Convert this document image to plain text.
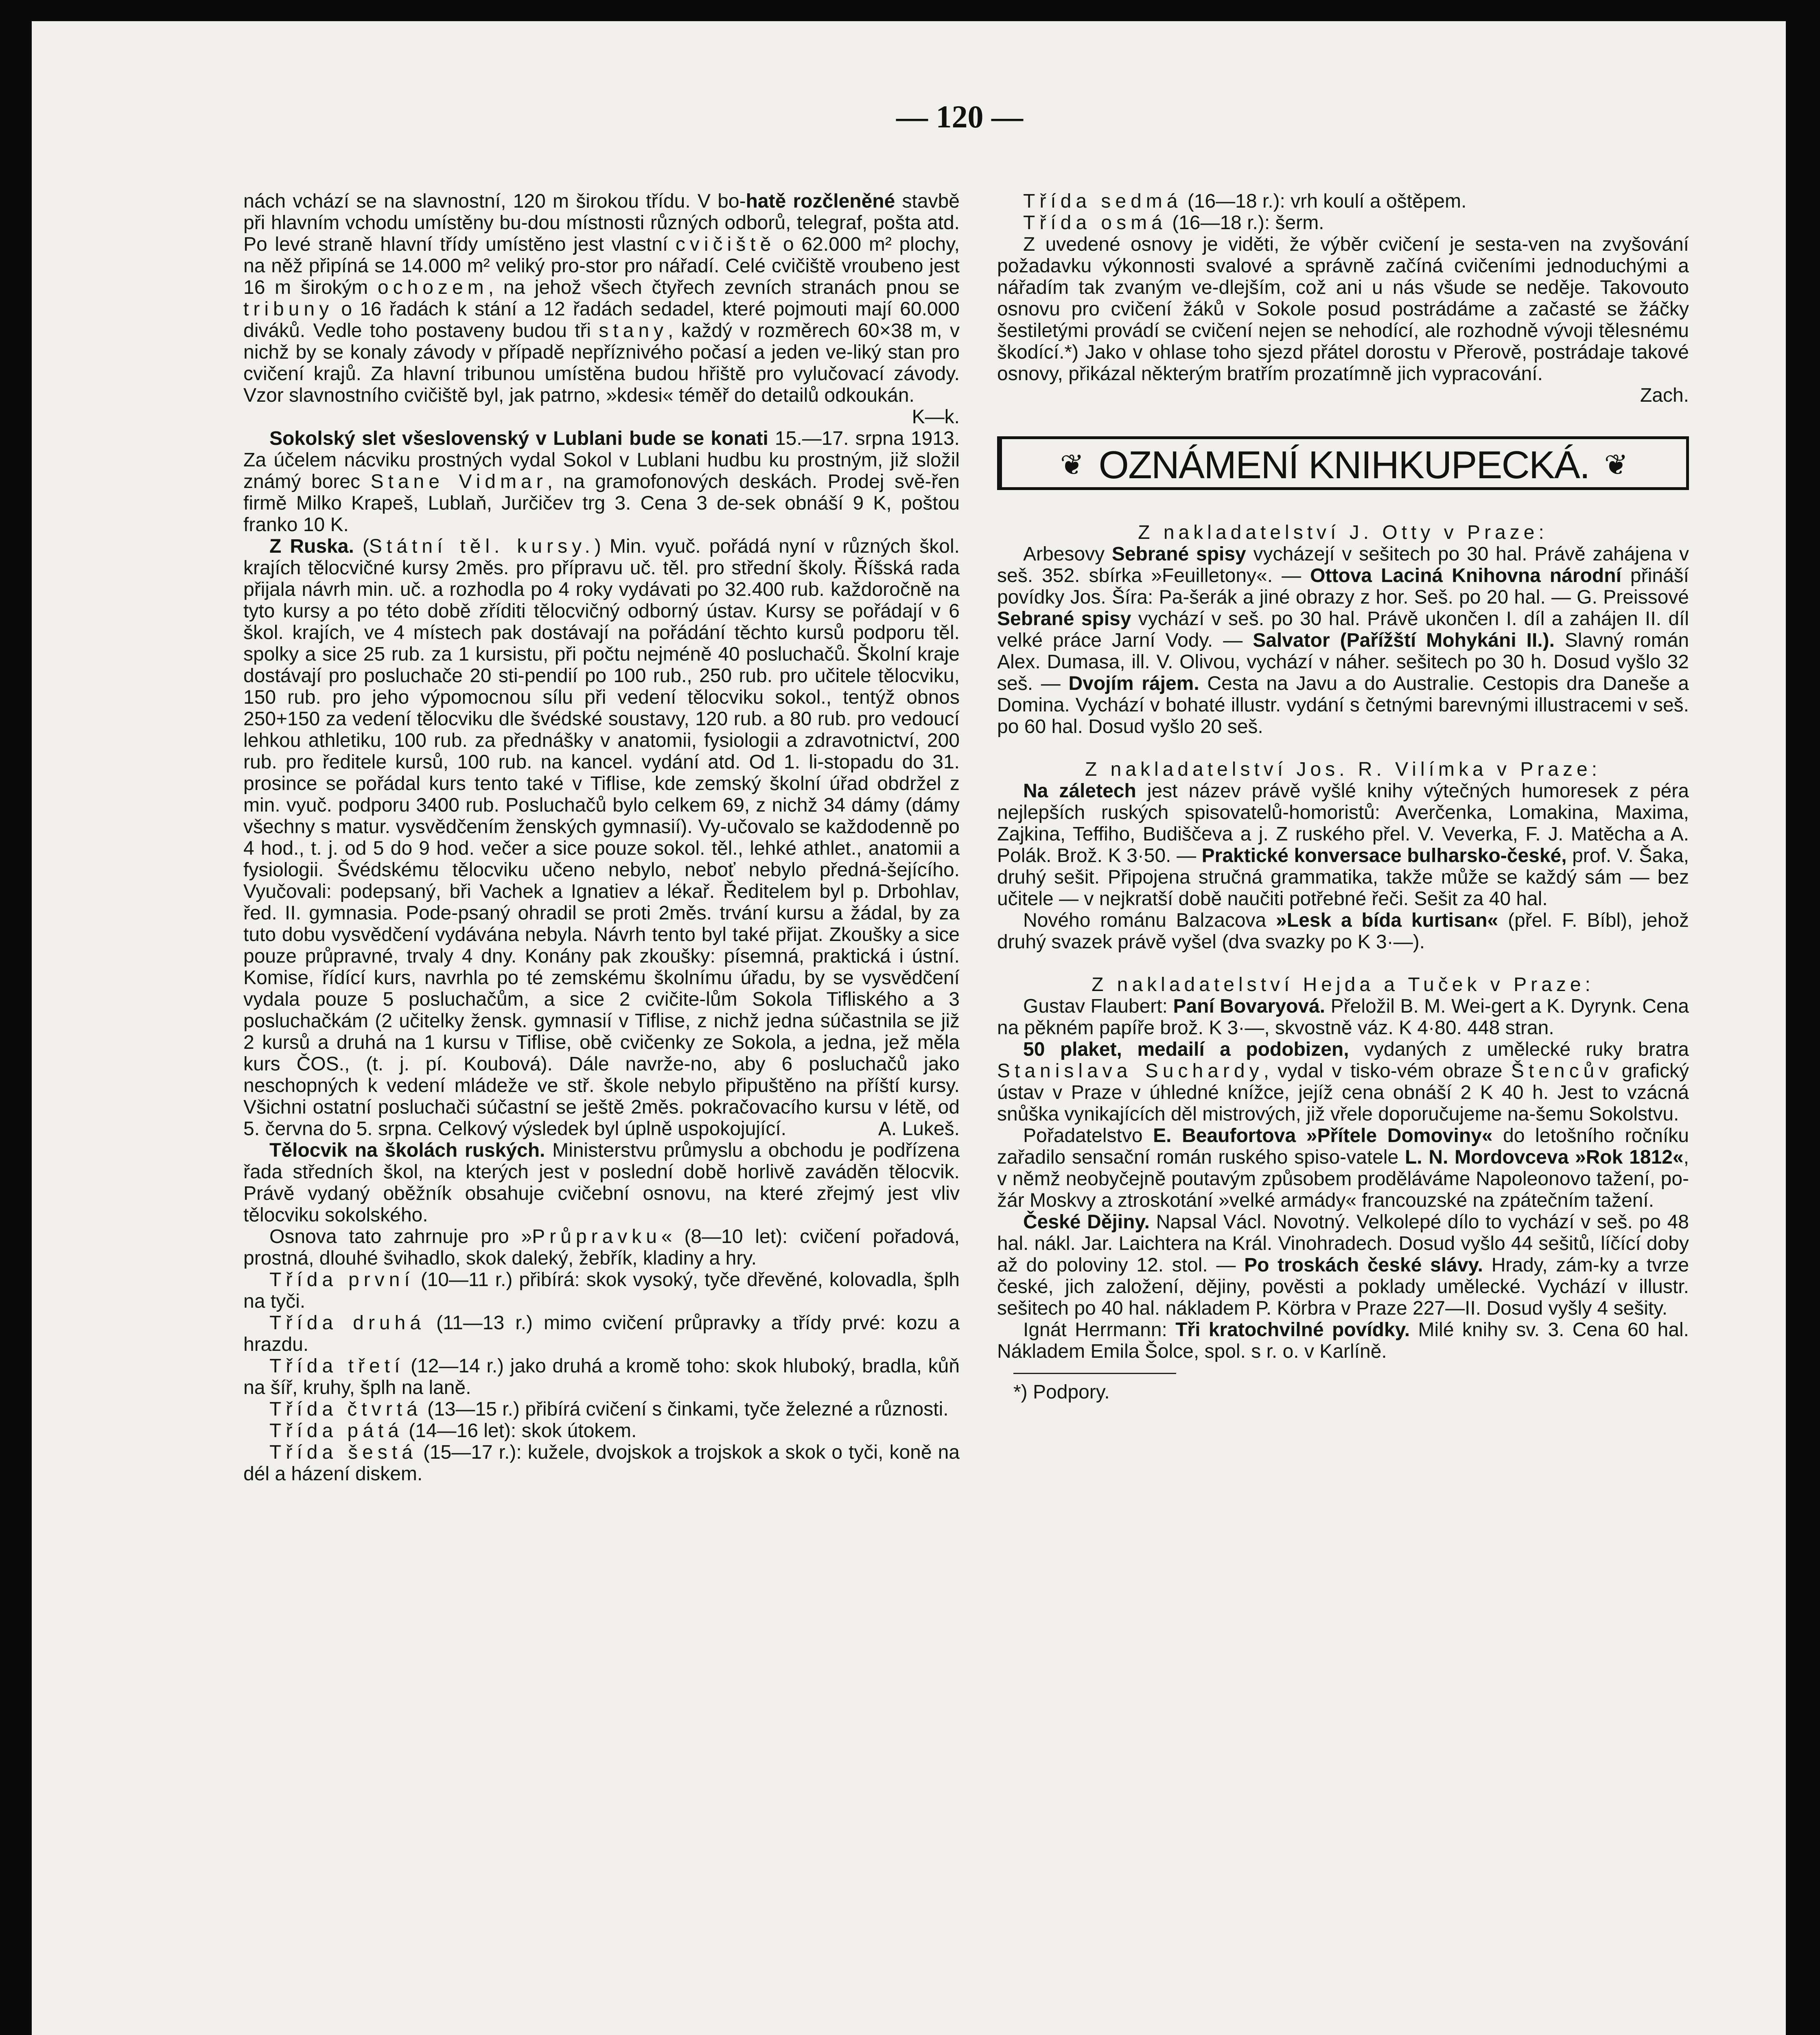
— 120 —

nách vchází se na slavnostní, 120 m širokou třídu. V bo-hatě rozčleněné stavbě při hlavním vchodu umístěny bu-dou místnosti různých odborů, telegraf, pošta atd. Po levé straně hlavní třídy umístěno jest vlastní cvičiště o 62.000 m² plochy, na něž připíná se 14.000 m² veliký pro-stor pro nářadí. Celé cvičiště vroubeno jest 16 m širokým ochozem, na jehož všech čtyřech zevních stranách pnou se tribuny o 16 řadách k stání a 12 řadách sedadel, které pojmouti mají 60.000 diváků. Vedle toho postaveny budou tři stany, každý v rozměrech 60×38 m, v nichž by se konaly závody v případě nepříznivého počasí a jeden ve-liký stan pro cvičení krajů. Za hlavní tribunou umístěna budou hřiště pro vylučovací závody. Vzor slavnostního cvičiště byl, jak patrno, »kdesi« téměř do detailů odkoukán.

K—k.

Sokolský slet všeslovenský v Lublani bude se konati 15.—17. srpna 1913. Za účelem nácviku prostných vydal Sokol v Lublani hudbu ku prostným, již složil známý borec Stane Vidmar, na gramofonových deskách. Prodej svě-řen firmě Milko Krapeš, Lublaň, Jurčičev trg 3. Cena 3 de-sek obnáší 9 K, poštou franko 10 K.

Z Ruska. (Státní těl. kursy.) Min. vyuč. pořádá nyní v různých škol. krajích tělocvičné kursy 2měs. pro přípravu uč. těl. pro střední školy. Říšská rada přijala návrh min. uč. a rozhodla po 4 roky vydávati po 32.400 rub. každoročně na tyto kursy a po této době zříditi tělocvičný odborný ústav. Kursy se pořádají v 6 škol. krajích, ve 4 místech pak dostávají na pořádání těchto kursů podporu těl. spolky a sice 25 rub. za 1 kursistu, při počtu nejméně 40 posluchačů. Školní kraje dostávají pro posluchače 20 sti-pendií po 100 rub., 250 rub. pro učitele tělocviku, 150 rub. pro jeho výpomocnou sílu při vedení tělocviku sokol., tentýž obnos 250+150 za vedení tělocviku dle švédské soustavy, 120 rub. a 80 rub. pro vedoucí lehkou athletiku, 100 rub. za přednášky v anatomii, fysiologii a zdravotnictví, 200 rub. pro ředitele kursů, 100 rub. na kancel. vydání atd. Od 1. li-stopadu do 31. prosince se pořádal kurs tento také v Tiflise, kde zemský školní úřad obdržel z min. vyuč. podporu 3400 rub. Posluchačů bylo celkem 69, z nichž 34 dámy (dámy všechny s matur. vysvědčením ženských gymnasií). Vy-učovalo se každodenně po 4 hod., t. j. od 5 do 9 hod. večer a sice pouze sokol. těl., lehké athlet., anatomii a fysiologii. Švédskému tělocviku učeno nebylo, neboť nebylo předná-šejícího. Vyučovali: podepsaný, bři Vachek a Ignatiev a lékař. Ředitelem byl p. Drbohlav, řed. II. gymnasia. Pode-psaný ohradil se proti 2měs. trvání kursu a žádal, by za tuto dobu vysvědčení vydávána nebyla. Návrh tento byl také přijat. Zkoušky a sice pouze průpravné, trvaly 4 dny. Konány pak zkoušky: písemná, praktická i ústní. Komise, řídící kurs, navrhla po té zemskému školnímu úřadu, by se vysvědčení vydala pouze 5 posluchačům, a sice 2 cvičite-lům Sokola Tifliského a 3 posluchačkám (2 učitelky žensk. gymnasií v Tiflise, z nichž jedna súčastnila se již 2 kursů a druhá na 1 kursu v Tiflise, obě cvičenky ze Sokola, a jedna, jež měla kurs ČOS., (t. j. pí. Koubová). Dále navrže-no, aby 6 posluchačů jako neschopných k vedení mládeže ve stř. škole nebylo připuštěno na příští kursy. Všichni ostatní posluchači súčastní se ještě 2měs. pokračovacího kursu v létě, od 5. června do 5. srpna. Celkový výsledek byl úplně uspokojující.	A. Lukeš.

Tělocvik na školách ruských. Ministerstvu průmyslu a obchodu je podřízena řada středních škol, na kterých jest v poslední době horlivě zaváděn tělocvik. Právě vydaný oběžník obsahuje cvičební osnovu, na které zřejmý jest vliv tělocviku sokolského.

Osnova tato zahrnuje pro »Průpravku« (8—10 let): cvičení pořadová, prostná, dlouhé švihadlo, skok daleký, žebřík, kladiny a hry.

Třída první (10—11 r.) přibírá: skok vysoký, tyče dřevěné, kolovadla, šplh na tyči.

Třída druhá (11—13 r.) mimo cvičení průpravky a třídy prvé: kozu a hrazdu.

Třída třetí (12—14 r.) jako druhá a kromě toho: skok hluboký, bradla, kůň na šíř, kruhy, šplh na laně.

Třída čtvrtá (13—15 r.) přibírá cvičení s činkami, tyče železné a různosti.

Třída pátá (14—16 let): skok útokem.

Třída šestá (15—17 r.): kužele, dvojskok a trojskok a skok o tyči, koně na dél a házení diskem.

Třída sedmá (16—18 r.): vrh koulí a oštěpem.

Třída osmá (16—18 r.): šerm.

Z uvedené osnovy je viděti, že výběr cvičení je sesta-ven na zvyšování požadavku výkonnosti svalové a správně začíná cvičeními jednoduchými a nářadím tak zvaným ve-dlejším, což ani u nás všude se neděje. Takovouto osnovu pro cvičení žáků v Sokole posud postrádáme a začasté se žáčky šestiletými provádí se cvičení nejen se nehodící, ale rozhodně vývoji tělesnému škodící.*) Jako v ohlase toho sjezd přátel dorostu v Přerově, postrádaje takové osnovy, přikázal některým bratřím prozatímně jich vypracování.

Zach.

❦ OZNÁMENÍ KNIHKUPECKÁ. ❦

Z nakladatelství J. Otty v Praze:

Arbesovy Sebrané spisy vycházejí v sešitech po 30 hal. Právě zahájena v seš. 352. sbírka »Feuilletony«. — Ottova Laciná Knihovna národní přináší povídky Jos. Šíra: Pa-šerák a jiné obrazy z hor. Seš. po 20 hal. — G. Preissové Sebrané spisy vychází v seš. po 30 hal. Právě ukončen I. díl a zahájen II. díl velké práce Jarní Vody. — Salvator (Pařížští Mohykáni II.). Slavný román Alex. Dumasa, ill. V. Olivou, vychází v náher. sešitech po 30 h. Dosud vyšlo 32 seš. — Dvojím rájem. Cesta na Javu a do Australie. Cestopis dra Daneše a Domina. Vychází v bohaté illustr. vydání s četnými barevnými illustracemi v seš. po 60 hal. Dosud vyšlo 20 seš.

Z nakladatelství Jos. R. Vilímka v Praze:

Na záletech jest název právě vyšlé knihy výtečných humoresek z péra nejlepších ruských spisovatelů-homoristů: Averčenka, Lomakina, Maxima, Zajkina, Teffiho, Budiščeva a j. Z ruského přel. V. Veverka, F. J. Matěcha a A. Polák. Brož. K 3·50. — Praktické konversace bulharsko-české, prof. V. Šaka, druhý sešit. Připojena stručná grammatika, takže může se každý sám — bez učitele — v nejkratší době naučiti potřebné řeči. Sešit za 40 hal.

Nového románu Balzacova »Lesk a bída kurtisan« (přel. F. Bíbl), jehož druhý svazek právě vyšel (dva svazky po K 3·—).

Z nakladatelství Hejda a Tuček v Praze:

Gustav Flaubert: Paní Bovaryová. Přeložil B. M. Wei-gert a K. Dyrynk. Cena na pěkném papíře brož. K 3·—, skvostně váz. K 4·80. 448 stran.

50 plaket, medailí a podobizen, vydaných z umělecké ruky bratra Stanislava Suchardy, vydal v tisko-vém obraze Štencův grafický ústav v Praze v úhledné knížce, jejíž cena obnáší 2 K 40 h. Jest to vzácná snůška vynikajících děl mistrových, již vřele doporučujeme na-šemu Sokolstvu.

Pořadatelstvo E. Beaufortova »Přítele Domoviny« do letošního ročníku zařadilo sensační román ruského spiso-vatele L. N. Mordovceva »Rok 1812«, v němž neobyčejně poutavým způsobem proděláváme Napoleonovo tažení, po-žár Moskvy a ztroskotání »velké armády« francouzské na zpátečním tažení.

České Dějiny. Napsal Václ. Novotný. Velkolepé dílo to vychází v seš. po 48 hal. nákl. Jar. Laichtera na Král. Vinohradech. Dosud vyšlo 44 sešitů, líčící doby až do poloviny 12. stol. — Po troskách české slávy. Hrady, zám-ky a tvrze české, jich založení, dějiny, pověsti a poklady umělecké. Vychází v illustr. sešitech po 40 hal. nákladem P. Körbra v Praze 227—II. Dosud vyšly 4 sešity.

Ignát Herrmann: Tři kratochvilné povídky. Milé knihy sv. 3. Cena 60 hal. Nákladem Emila Šolce, spol. s r. o. v Karlíně.

*) Podpory.
